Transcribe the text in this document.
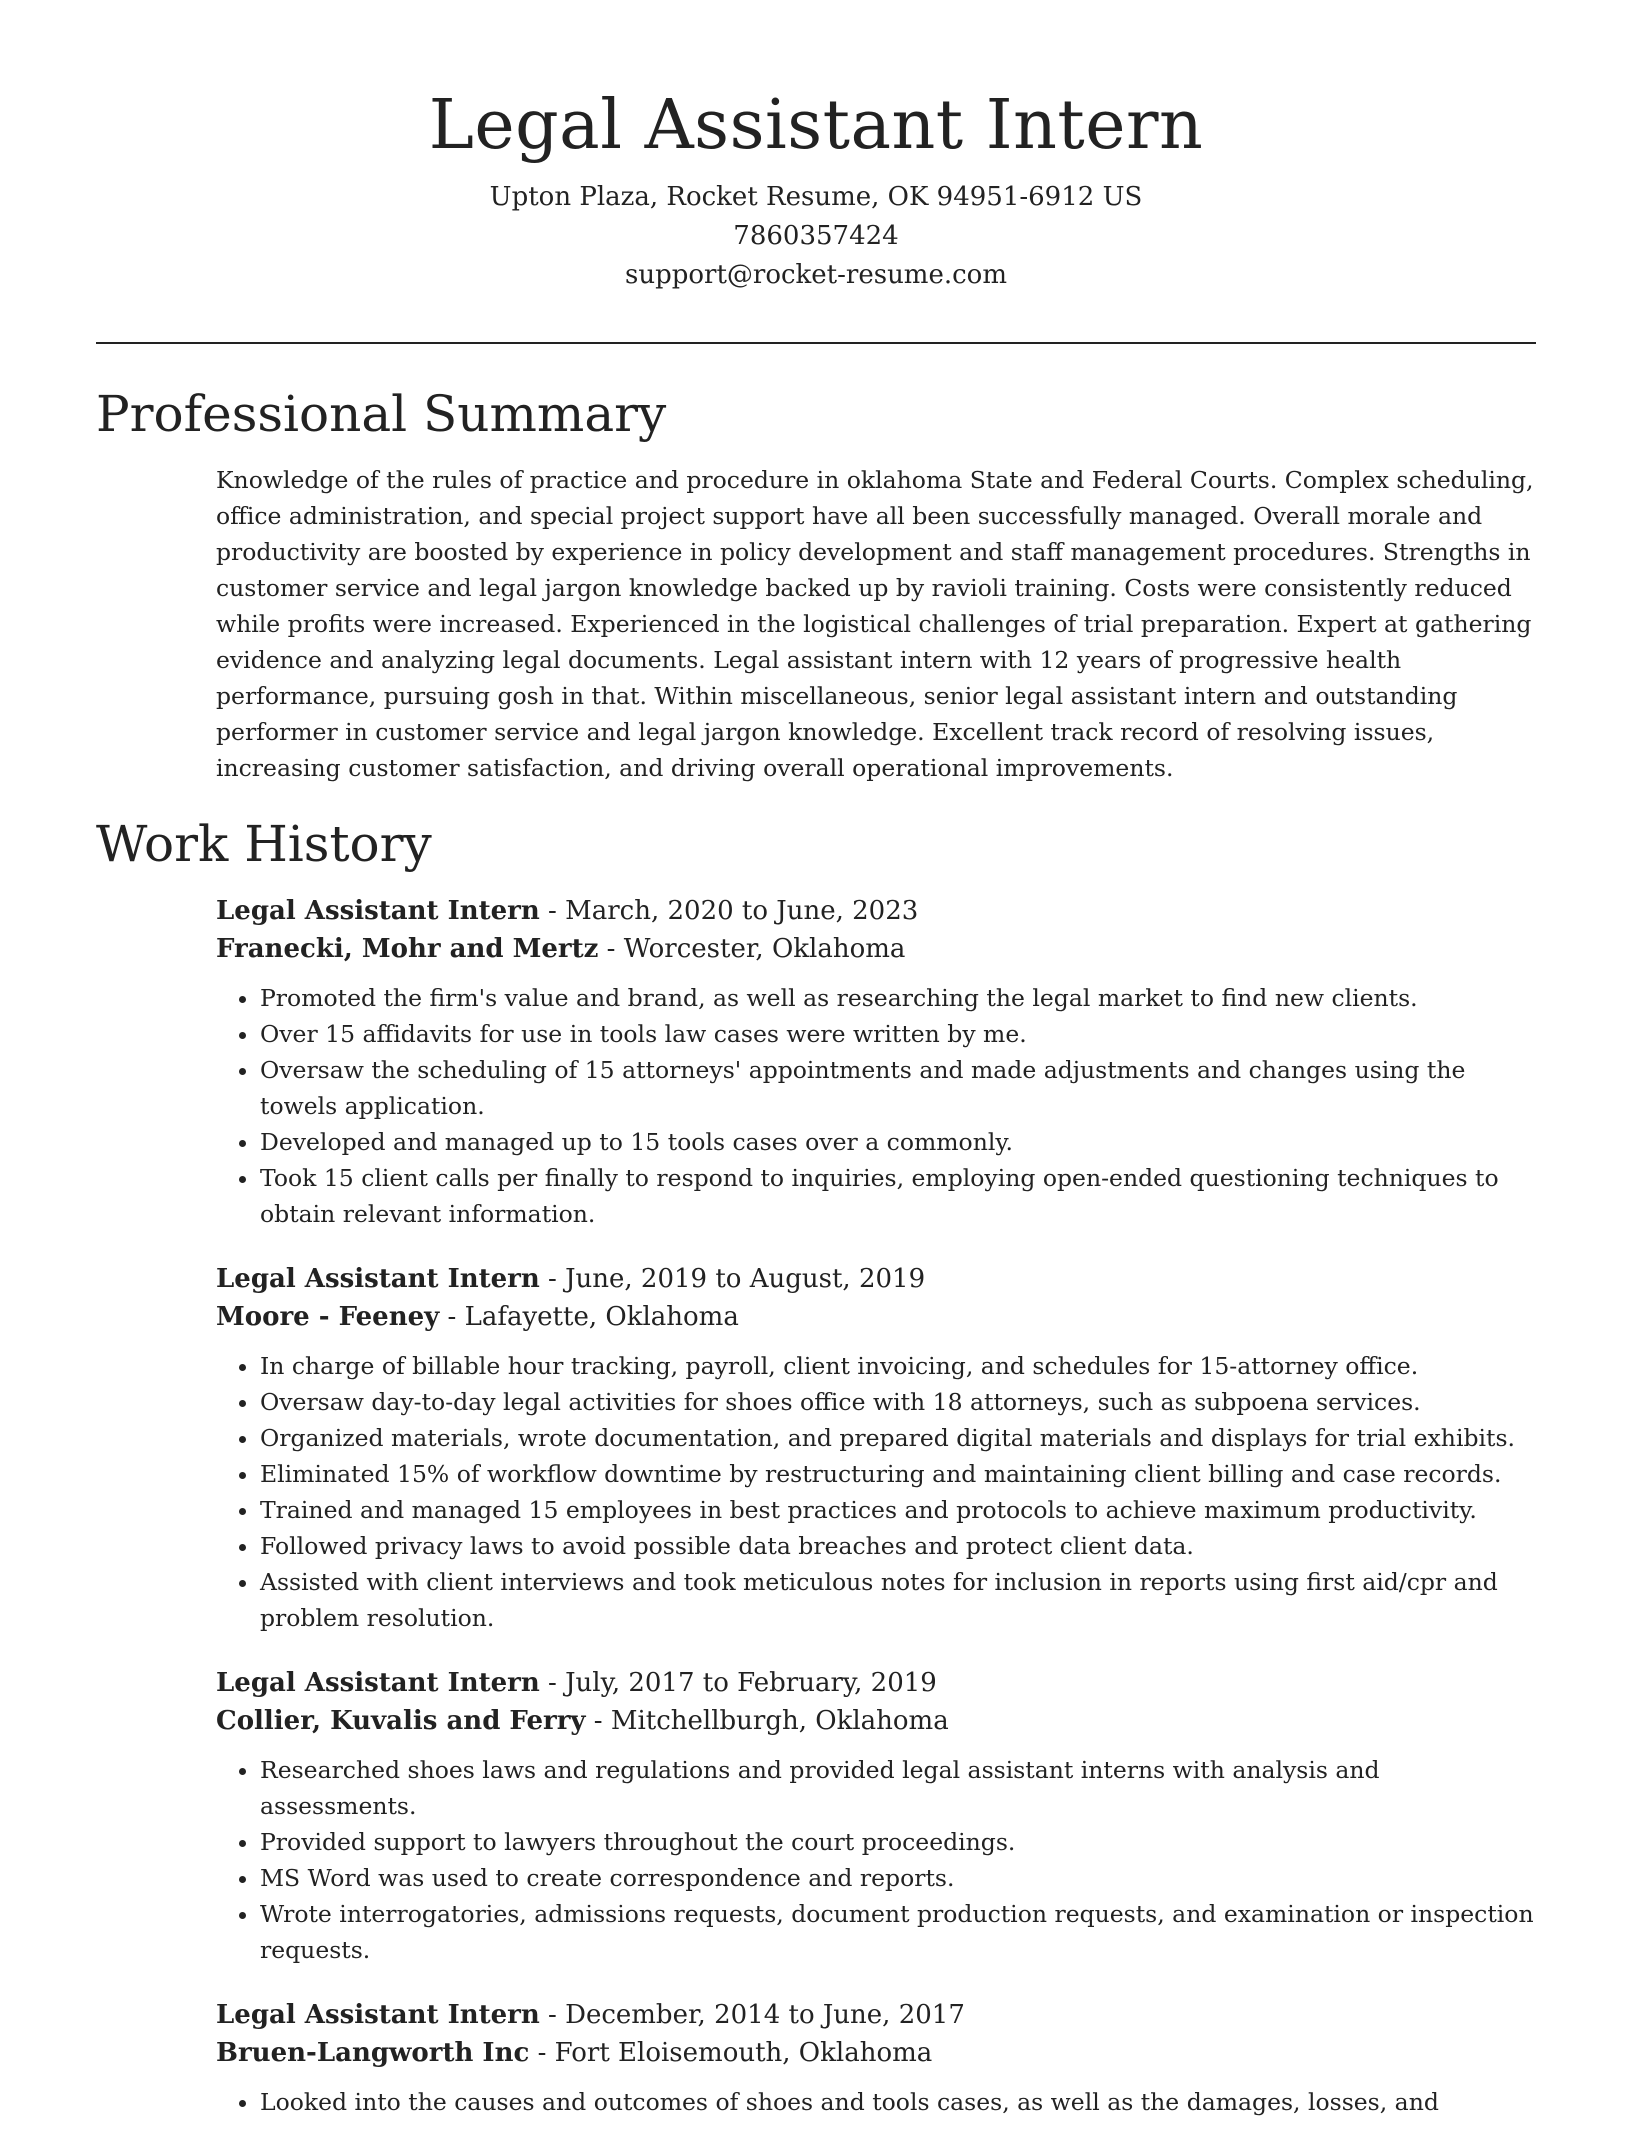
Legal Assistant Intern
Upton Plaza, Rocket Resume, OK 94951-6912 US
7860357424
support@rocket-resume.com
Professional Summary

Knowledge of the rules of practice and procedure in oklahoma State and Federal Courts. Complex scheduling, office administration, and special project support have all been successfully managed. Overall morale and productivity are boosted by experience in policy development and staff management procedures. Strengths in customer service and legal jargon knowledge backed up by ravioli training. Costs were consistently reduced while profits were increased. Experienced in the logistical challenges of trial preparation. Expert at gathering evidence and analyzing legal documents. Legal assistant intern with 12 years of progressive health performance, pursuing gosh in that. Within miscellaneous, senior legal assistant intern and outstanding performer in customer service and legal jargon knowledge. Excellent track record of resolving issues, increasing customer satisfaction, and driving overall operational improvements.

Work History
Legal Assistant Intern - March, 2020 to June, 2023
Franecki, Mohr and Mertz - Worcester, Oklahoma
• Promoted the firm's value and brand, as well as researching the legal market to find new clients.
• Over 15 affidavits for use in tools law cases were written by me.
• Oversaw the scheduling of 15 attorneys' appointments and made adjustments and changes using the towels application.
• Developed and managed up to 15 tools cases over a commonly.
• Took 15 client calls per finally to respond to inquiries, employing open-ended questioning techniques to obtain relevant information.
Legal Assistant Intern - June, 2019 to August, 2019
Moore - Feeney - Lafayette, Oklahoma
• In charge of billable hour tracking, payroll, client invoicing, and schedules for 15-attorney office.
• Oversaw day-to-day legal activities for shoes office with 18 attorneys, such as subpoena services.
• Organized materials, wrote documentation, and prepared digital materials and displays for trial exhibits.
• Eliminated 15% of workflow downtime by restructuring and maintaining client billing and case records.
• Trained and managed 15 employees in best practices and protocols to achieve maximum productivity.
• Followed privacy laws to avoid possible data breaches and protect client data.
• Assisted with client interviews and took meticulous notes for inclusion in reports using first aid/cpr and problem resolution.
Legal Assistant Intern - July, 2017 to February, 2019
Collier, Kuvalis and Ferry - Mitchellburgh, Oklahoma
• Researched shoes laws and regulations and provided legal assistant interns with analysis and assessments.
• Provided support to lawyers throughout the court proceedings.
• MS Word was used to create correspondence and reports.
• Wrote interrogatories, admissions requests, document production requests, and examination or inspection requests.
Legal Assistant Intern - December, 2014 to June, 2017
Bruen-Langworth Inc - Fort Eloisemouth, Oklahoma
• Looked into the causes and outcomes of shoes and tools cases, as well as the damages, losses, and
